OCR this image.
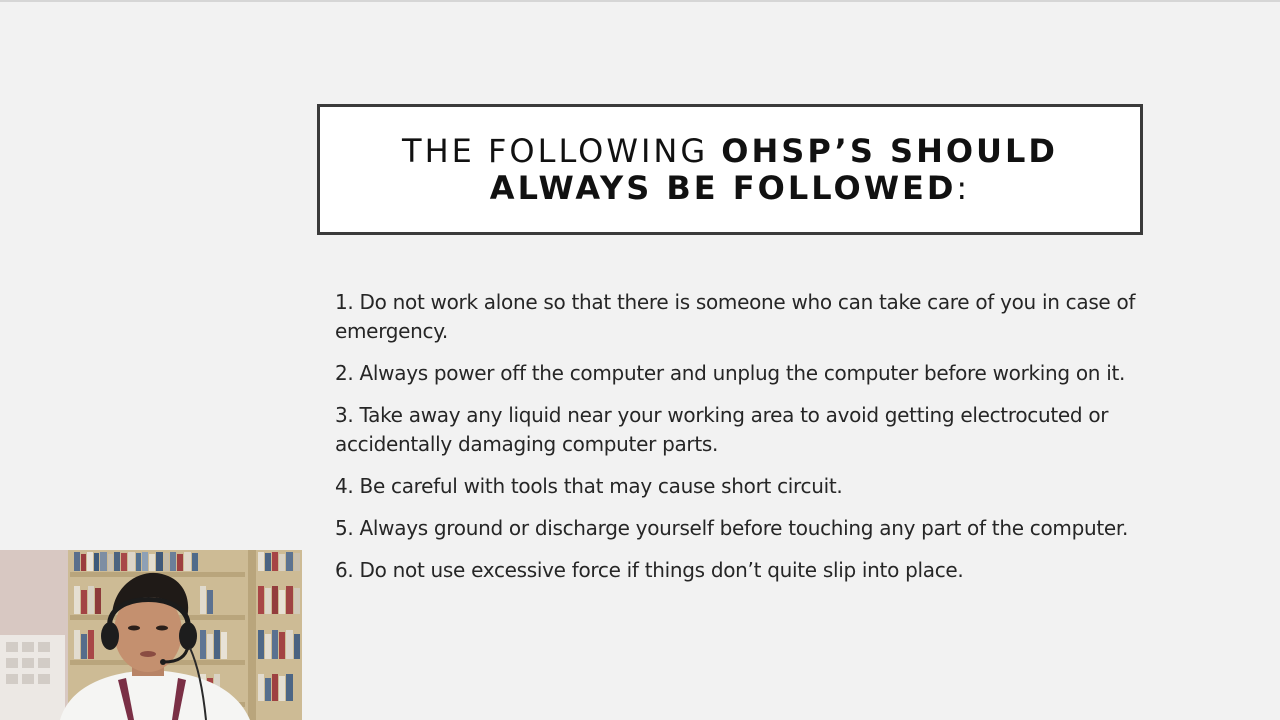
THE FOLLOWING OHSP’S SHOULD ALWAYS BE FOLLOWED:
1. Do not work alone so that there is someone who can take care of you in case of emergency.
2. Always power off the computer and unplug the computer before working on it.
3. Take away any liquid near your working area to avoid getting electrocuted or accidentally damaging computer parts.
4. Be careful with tools that may cause short circuit.
5. Always ground or discharge yourself before touching any part of the computer.
6. Do not use excessive force if things don’t quite slip into place.
